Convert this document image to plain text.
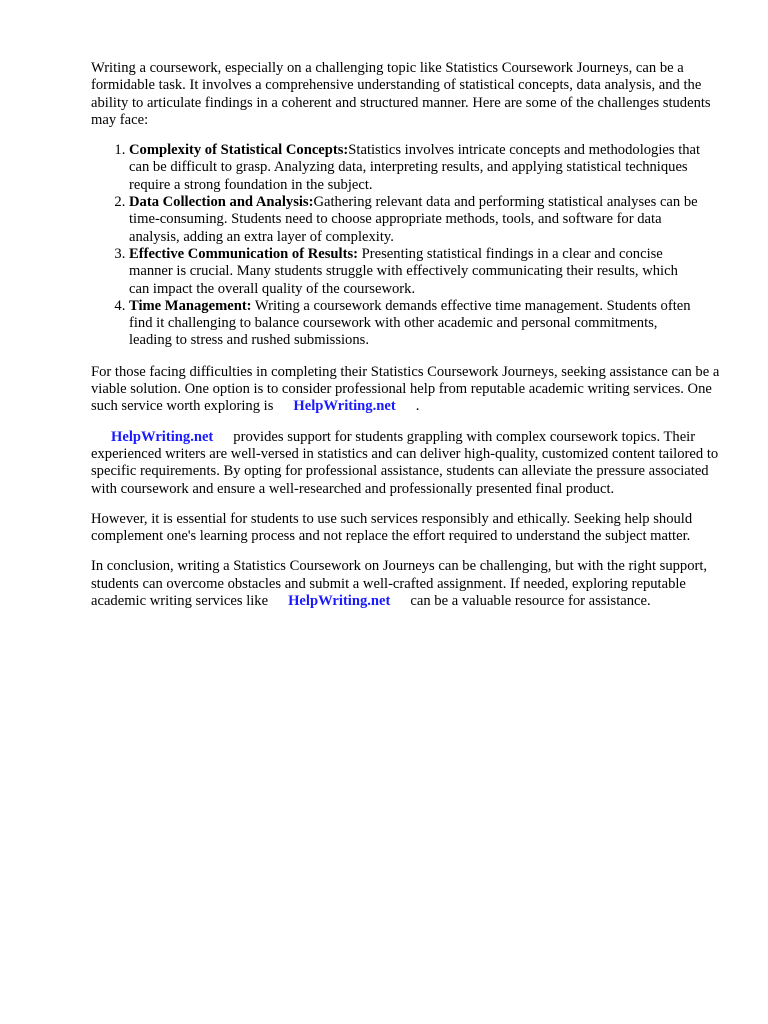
Writing a coursework, especially on a challenging topic like Statistics Coursework Journeys, can be a formidable task. It involves a comprehensive understanding of statistical concepts, data analysis, and the ability to articulate findings in a coherent and structured manner. Here are some of the challenges students may face:

1. Complexity of Statistical Concepts:Statistics involves intricate concepts and methodologies that can be difficult to grasp. Analyzing data, interpreting results, and applying statistical techniques require a strong foundation in the subject.
2. Data Collection and Analysis:Gathering relevant data and performing statistical analyses can be time-consuming. Students need to choose appropriate methods, tools, and software for data analysis, adding an extra layer of complexity.
3. Effective Communication of Results: Presenting statistical findings in a clear and concise manner is crucial. Many students struggle with effectively communicating their results, which can impact the overall quality of the coursework.
4. Time Management: Writing a coursework demands effective time management. Students often find it challenging to balance coursework with other academic and personal commitments, leading to stress and rushed submissions.

For those facing difficulties in completing their Statistics Coursework Journeys, seeking assistance can be a viable solution. One option is to consider professional help from reputable academic writing services. One such service worth exploring is HelpWriting.net .

HelpWriting.net provides support for students grappling with complex coursework topics. Their experienced writers are well-versed in statistics and can deliver high-quality, customized content tailored to specific requirements. By opting for professional assistance, students can alleviate the pressure associated with coursework and ensure a well-researched and professionally presented final product.

However, it is essential for students to use such services responsibly and ethically. Seeking help should complement one's learning process and not replace the effort required to understand the subject matter.

In conclusion, writing a Statistics Coursework on Journeys can be challenging, but with the right support, students can overcome obstacles and submit a well-crafted assignment. If needed, exploring reputable academic writing services like HelpWriting.net can be a valuable resource for assistance.
